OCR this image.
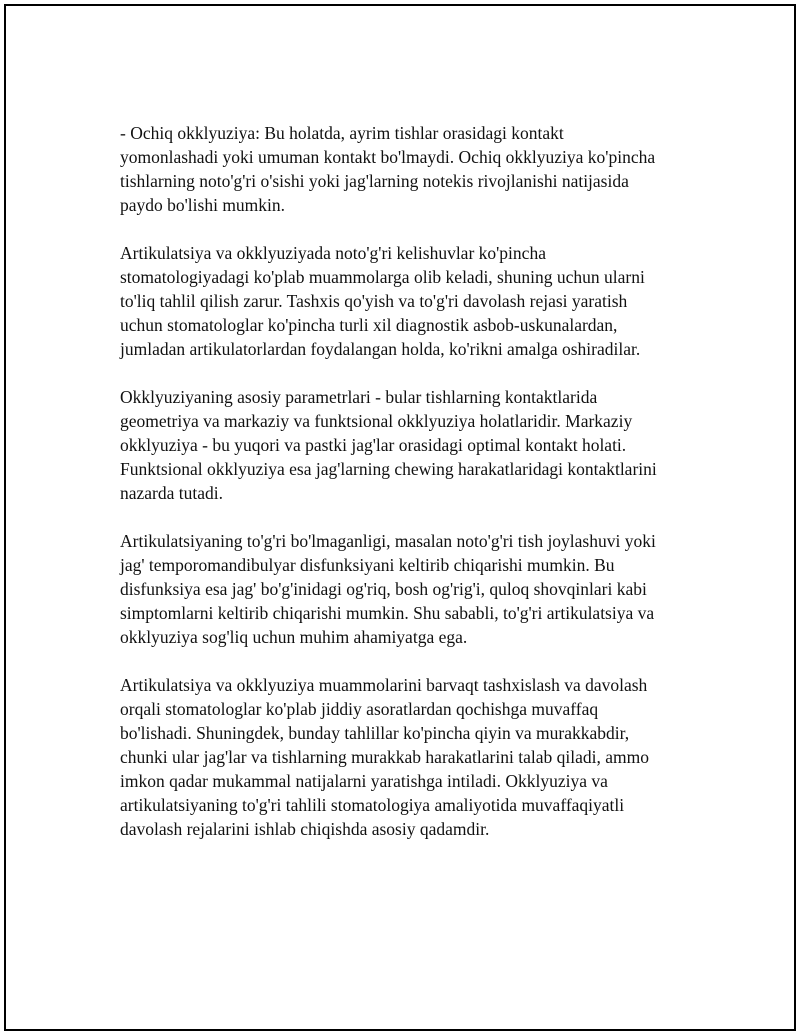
- Ochiq okklyuziya: Bu holatda, ayrim tishlar orasidagi kontakt
yomonlashadi yoki umuman kontakt bo'lmaydi. Ochiq okklyuziya ko'pincha
tishlarning noto'g'ri o'sishi yoki jag'larning notekis rivojlanishi natijasida
paydo bo'lishi mumkin.

Artikulatsiya va okklyuziyada noto'g'ri kelishuvlar ko'pincha
stomatologiyadagi ko'plab muammolarga olib keladi, shuning uchun ularni
to'liq tahlil qilish zarur. Tashxis qo'yish va to'g'ri davolash rejasi yaratish
uchun stomatologlar ko'pincha turli xil diagnostik asbob-uskunalardan,
jumladan artikulatorlardan foydalangan holda, ko'rikni amalga oshiradilar.

Okklyuziyaning asosiy parametrlari - bular tishlarning kontaktlarida
geometriya va markaziy va funktsional okklyuziya holatlaridir. Markaziy
okklyuziya - bu yuqori va pastki jag'lar orasidagi optimal kontakt holati.
Funktsional okklyuziya esa jag'larning chewing harakatlaridagi kontaktlarini
nazarda tutadi.

Artikulatsiyaning to'g'ri bo'lmaganligi, masalan noto'g'ri tish joylashuvi yoki
jag' temporomandibulyar disfunksiyani keltirib chiqarishi mumkin. Bu
disfunksiya esa jag' bo'g'inidagi og'riq, bosh og'rig'i, quloq shovqinlari kabi
simptomlarni keltirib chiqarishi mumkin. Shu sababli, to'g'ri artikulatsiya va
okklyuziya sog'liq uchun muhim ahamiyatga ega.

Artikulatsiya va okklyuziya muammolarini barvaqt tashxislash va davolash
orqali stomatologlar ko'plab jiddiy asoratlardan qochishga muvaffaq
bo'lishadi. Shuningdek, bunday tahlillar ko'pincha qiyin va murakkabdir,
chunki ular jag'lar va tishlarning murakkab harakatlarini talab qiladi, ammo
imkon qadar mukammal natijalarni yaratishga intiladi. Okklyuziya va
artikulatsiyaning to'g'ri tahlili stomatologiya amaliyotida muvaffaqiyatli
davolash rejalarini ishlab chiqishda asosiy qadamdir.
